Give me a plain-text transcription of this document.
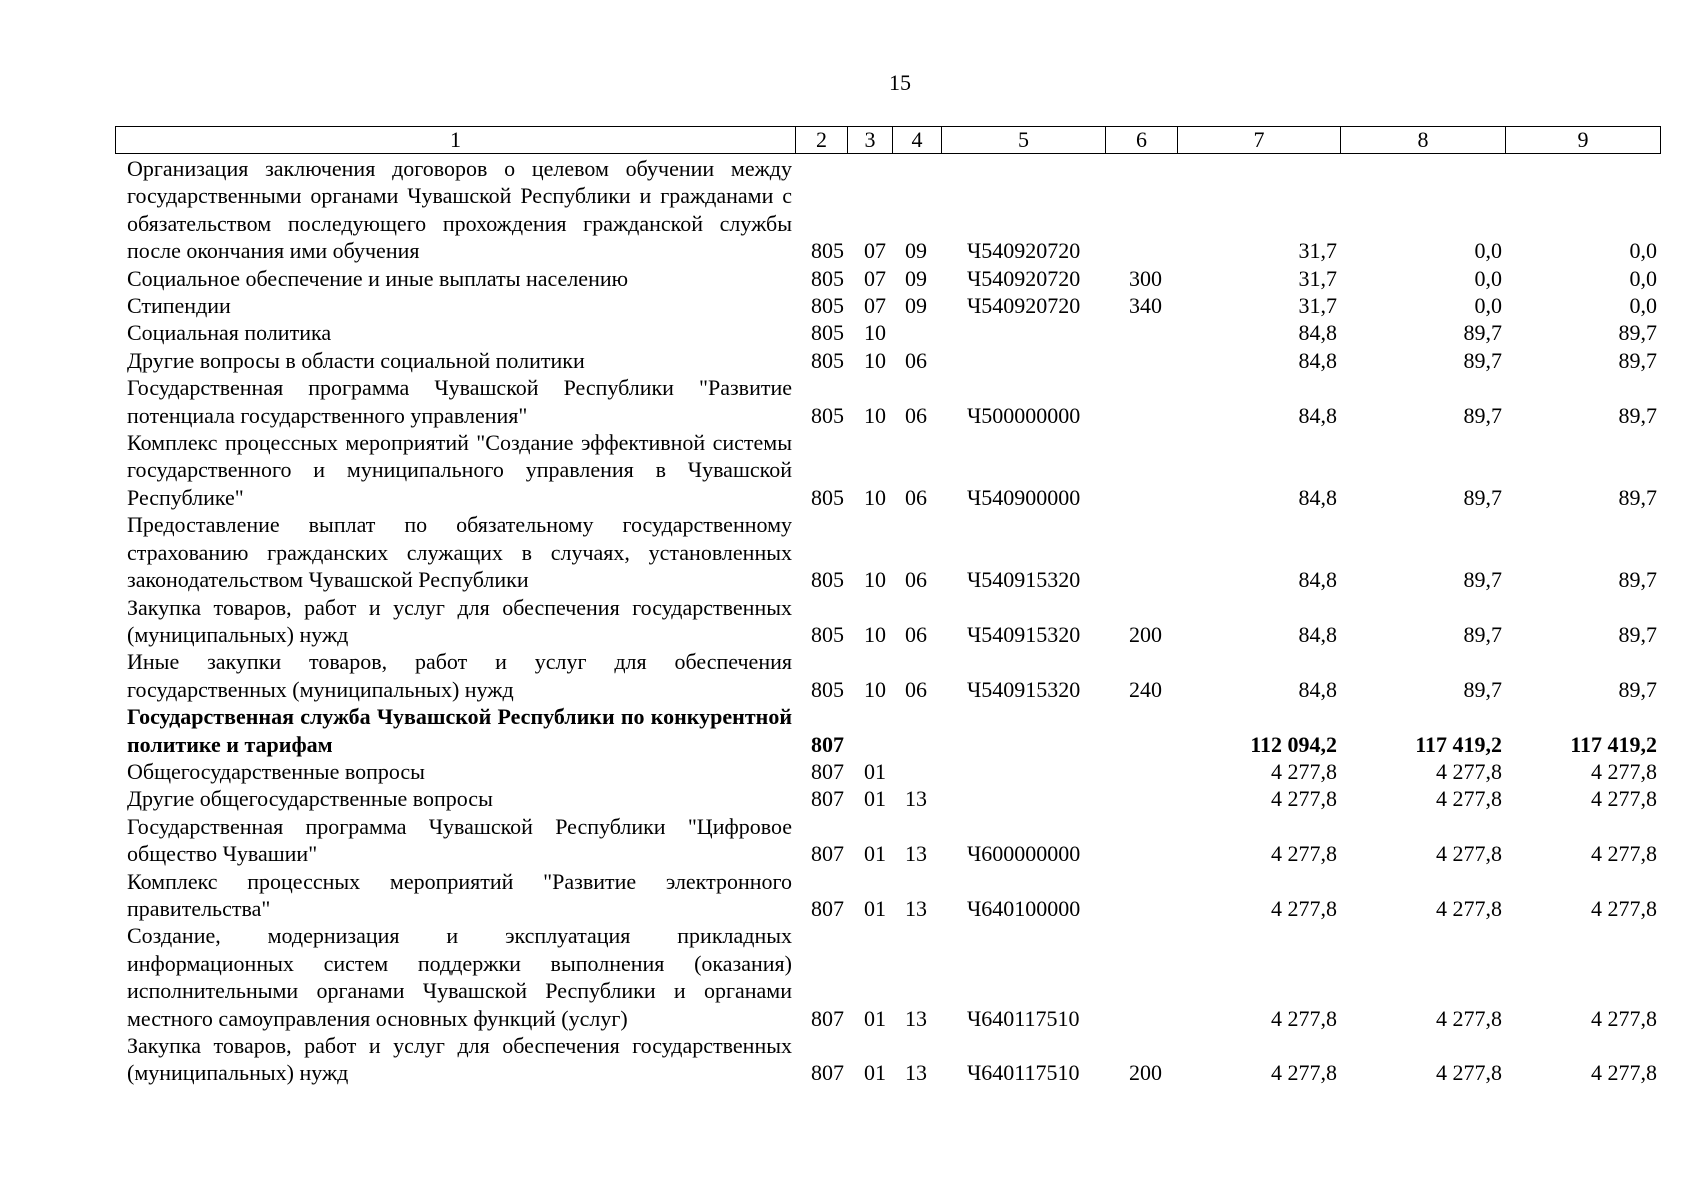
15
1	2	3	4	5	6	7	8	9
Организация заключения договоров о целевом обучении между государственными органами Чувашской Республики и гражданами с обязательством последующего прохождения гражданской службы после окончания ими обучения	805	07	09	Ч540920720		31,7	0,0	0,0
Социальное обеспечение и иные выплаты населению	805	07	09	Ч540920720	300	31,7	0,0	0,0
Стипендии	805	07	09	Ч540920720	340	31,7	0,0	0,0
Социальная политика	805	10				84,8	89,7	89,7
Другие вопросы в области социальной политики	805	10	06			84,8	89,7	89,7
Государственная программа Чувашской Республики "Развитие потенциала государственного управления"	805	10	06	Ч500000000		84,8	89,7	89,7
Комплекс процессных мероприятий "Создание эффективной системы государственного и муниципального управления в Чувашской Республике"	805	10	06	Ч540900000		84,8	89,7	89,7
Предоставление выплат по обязательному государственному страхованию гражданских служащих в случаях, установленных законодательством Чувашской Республики	805	10	06	Ч540915320		84,8	89,7	89,7
Закупка товаров, работ и услуг для обеспечения государственных (муниципальных) нужд	805	10	06	Ч540915320	200	84,8	89,7	89,7
Иные закупки товаров, работ и услуг для обеспечения государственных (муниципальных) нужд	805	10	06	Ч540915320	240	84,8	89,7	89,7
Государственная служба Чувашской Республики по конкурентной политике и тарифам	807					112 094,2	117 419,2	117 419,2
Общегосударственные вопросы	807	01				4 277,8	4 277,8	4 277,8
Другие общегосударственные вопросы	807	01	13			4 277,8	4 277,8	4 277,8
Государственная программа Чувашской Республики "Цифровое общество Чувашии"	807	01	13	Ч600000000		4 277,8	4 277,8	4 277,8
Комплекс процессных мероприятий "Развитие электронного правительства"	807	01	13	Ч640100000		4 277,8	4 277,8	4 277,8
Создание, модернизация и эксплуатация прикладных информационных систем поддержки выполнения (оказания) исполнительными органами Чувашской Республики и органами местного самоуправления основных функций (услуг)	807	01	13	Ч640117510		4 277,8	4 277,8	4 277,8
Закупка товаров, работ и услуг для обеспечения государственных (муниципальных) нужд	807	01	13	Ч640117510	200	4 277,8	4 277,8	4 277,8
